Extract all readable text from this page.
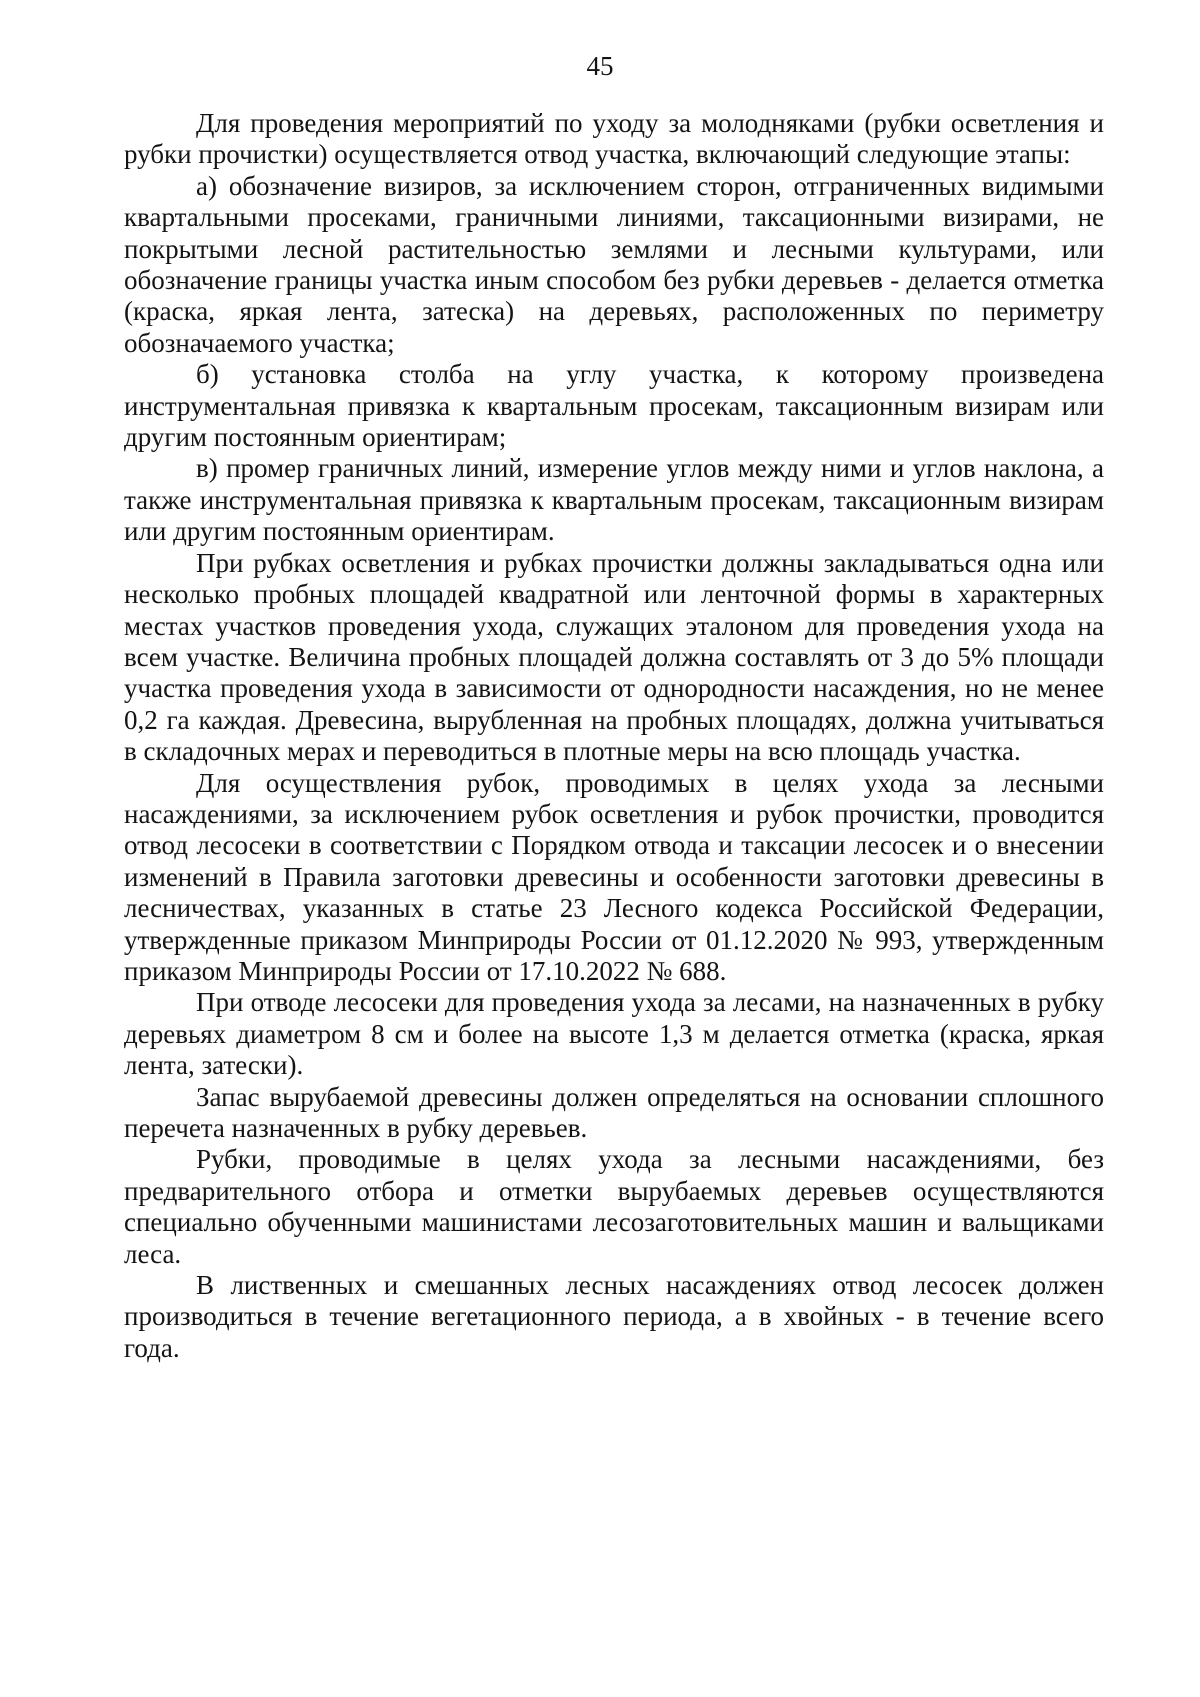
45

Для проведения мероприятий по уходу за молодняками (рубки осветления и рубки прочистки) осуществляется отвод участка, включающий следующие этапы:

а) обозначение визиров, за исключением сторон, отграниченных видимыми квартальными просеками, граничными линиями, таксационными визирами, не покрытыми лесной растительностью землями и лесными культурами, или обозначение границы участка иным способом без рубки деревьев - делается отметка (краска, яркая лента, затеска) на деревьях, расположенных по периметру обозначаемого участка;

б) установка столба на углу участка, к которому произведена инструментальная привязка к квартальным просекам, таксационным визирам или другим постоянным ориентирам;

в) промер граничных линий, измерение углов между ними и углов наклона, а также инструментальная привязка к квартальным просекам, таксационным визирам или другим постоянным ориентирам.

При рубках осветления и рубках прочистки должны закладываться одна или несколько пробных площадей квадратной или ленточной формы в характерных местах участков проведения ухода, служащих эталоном для проведения ухода на всем участке. Величина пробных площадей должна составлять от 3 до 5% площади участка проведения ухода в зависимости от однородности насаждения, но не менее 0,2 га каждая. Древесина, вырубленная на пробных площадях, должна учитываться в складочных мерах и переводиться в плотные меры на всю площадь участка.

Для осуществления рубок, проводимых в целях ухода за лесными насаждениями, за исключением рубок осветления и рубок прочистки, проводится отвод лесосеки в соответствии с Порядком отвода и таксации лесосек и о внесении изменений в Правила заготовки древесины и особенности заготовки древесины в лесничествах, указанных в статье 23 Лесного кодекса Российской Федерации, утвержденные приказом Минприроды России от 01.12.2020 № 993, утвержденным приказом Минприроды России от 17.10.2022 № 688.

При отводе лесосеки для проведения ухода за лесами, на назначенных в рубку деревьях диаметром 8 см и более на высоте 1,3 м делается отметка (краска, яркая лента, затески).

Запас вырубаемой древесины должен определяться на основании сплошного перечета назначенных в рубку деревьев.

Рубки, проводимые в целях ухода за лесными насаждениями, без предварительного отбора и отметки вырубаемых деревьев осуществляются специально обученными машинистами лесозаготовительных машин и вальщиками леса.

В лиственных и смешанных лесных насаждениях отвод лесосек должен производиться в течение вегетационного периода, а в хвойных - в течение всего года.
